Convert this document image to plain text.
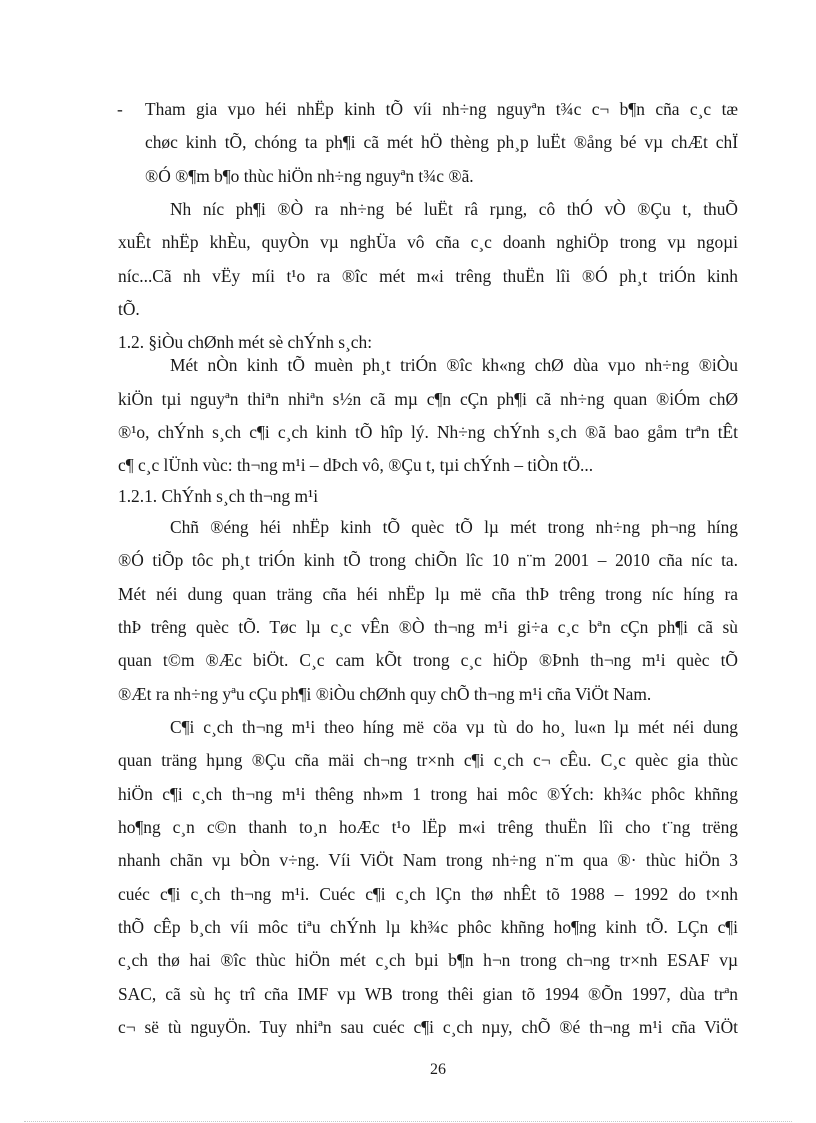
- Tham gia vµo héi nhËp kinh tÕ víi nh÷ng nguyªn t¾c c¬ b¶n cña c¸c tæ
chøc kinh tÕ, chóng ta ph¶i cã mét hÖ thèng ph¸p luËt ®ång bé vµ chÆt chÏ
®Ó ®¶m b¶o thùc hiÖn nh÷ng nguyªn t¾c ®ã.
Nh níc ph¶i ®Ò ra nh÷ng bé luËt râ rµng, cô thÓ vÒ ®Çu t, thuÕ
xuÊt nhËp khÈu, quyÒn vµ nghÜa vô cña c¸c doanh nghiÖp trong vµ ngoµi
níc...Cã nh vËy míi t¹o ra ®îc mét m«i trêng thuËn lîi ®Ó ph¸t triÓn kinh
tÕ.
1.2. §iÒu chØnh mét sè chÝnh s¸ch:
Mét nÒn kinh tÕ muèn ph¸t triÓn ®îc kh«ng chØ dùa vµo nh÷ng ®iÒu
kiÖn tµi nguyªn thiªn nhiªn s½n cã mµ c¶n cÇn ph¶i cã nh÷ng quan ®iÓm chØ
®¹o, chÝnh s¸ch c¶i c¸ch kinh tÕ hîp lý. Nh÷ng chÝnh s¸ch ®ã bao gåm trªn tÊt
c¶ c¸c lÜnh vùc: th¬ng m¹i – dÞch vô, ®Çu t, tµi chÝnh – tiÒn tÖ...
1.2.1. ChÝnh s¸ch th¬ng m¹i
Chñ ®éng héi nhËp kinh tÕ quèc tÕ lµ mét trong nh÷ng ph¬ng híng
®Ó tiÕp tôc ph¸t triÓn kinh tÕ trong chiÕn lîc 10 n¨m 2001 – 2010 cña níc ta.
Mét néi dung quan träng cña héi nhËp lµ më cña thÞ trêng trong níc híng ra
thÞ trêng quèc tÕ. Tøc lµ c¸c vÊn ®Ò th¬ng m¹i gi÷a c¸c bªn cÇn ph¶i cã sù
quan t©m ®Æc biÖt. C¸c cam kÕt trong c¸c hiÖp ®Þnh th¬ng m¹i quèc tÕ
®Æt ra nh÷ng yªu cÇu ph¶i ®iÒu chØnh quy chÕ th¬ng m¹i cña ViÖt Nam.
C¶i c¸ch th¬ng m¹i theo híng më cöa vµ tù do ho¸ lu«n lµ mét néi dung
quan träng hµng ®Çu cña mäi ch¬ng tr×nh c¶i c¸ch c¬ cÊu. C¸c quèc gia thùc
hiÖn c¶i c¸ch th¬ng m¹i thêng nh»m 1 trong hai môc ®Ých: kh¾c phôc khñng
ho¶ng c¸n c©n thanh to¸n hoÆc t¹o lËp m«i trêng thuËn lîi cho t¨ng trëng
nhanh chãn vµ bÒn v÷ng. Víi ViÖt Nam trong nh÷ng n¨m qua ®· thùc hiÖn 3
cuéc c¶i c¸ch th¬ng m¹i. Cuéc c¶i c¸ch lÇn thø nhÊt tõ 1988 – 1992 do t×nh
thÕ cÊp b¸ch víi môc tiªu chÝnh lµ kh¾c phôc khñng ho¶ng kinh tÕ. LÇn c¶i
c¸ch thø hai ®îc thùc hiÖn mét c¸ch bµi b¶n h¬n trong ch¬ng tr×nh ESAF vµ
SAC, cã sù hç trî cña IMF vµ WB trong thêi gian tõ 1994 ®Õn 1997, dùa trªn
c¬ së tù nguyÖn. Tuy nhiªn sau cuéc c¶i c¸ch nµy, chÕ ®é th¬ng m¹i cña ViÖt
26
